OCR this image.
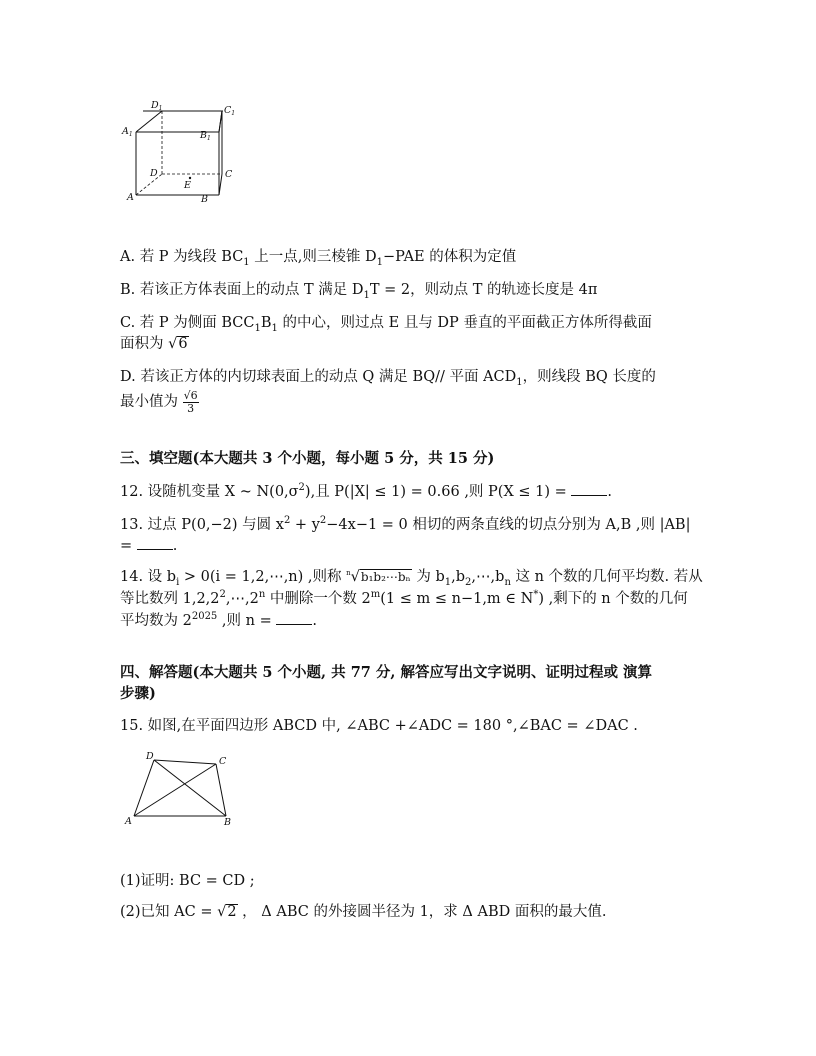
$D_1$	$C_1$
$A_1$	$B_1$
D	C
A	B
E
A. 若 P 为线段 $BC_1$ 上一点,则三棱锥 $D_1-PAE$ 的体积为定值
B. 若该正方体表面上的动点 T 满足 $D_1T = 2$，则动点 T 的轨迹长度是 4π
C. 若 P 为侧面 $BCC_1B_1$ 的中心，则过点 E 且与 DP 垂直的平面截正方体所得截面
面积为 √6
D. 若该正方体的内切球表面上的动点 Q 满足 BQ// 平面 $ACD_1$，则线段 BQ 长度的
最小值为 $\frac{√6}{3}$
三、填空题(本大题共 3 个小题，每小题 5 分，共 15 分)
12. 设随机变量 X ~ $N(0,\sigma^2)$,且 P(|X| ≤ 1) = 0.66 ,则 P(X ≤ 1) = .
13. 过点 P(0,−2) 与圆 $x^2 + y^2-4x-1 = 0$ 相切的两条直线的切点分别为 A,B ,则 |AB|
= .
14. 设 $b_i > 0(i$ = 1,2,⋯,n) ,则称 $^n$√b₁b₂⋯bₙ 为 $b_1,b_2,\cdots,b_n$ 这 n 个数的几何平均数. 若从
等比数列 1,2,2$^2$,⋯,2$^n$ 中删除一个数 $2^m(1 \le m \le n-1,m$ ∈ N*) ,剩下的 n 个数的几何
平均数为 $2^{2025}$ ,则 n = .
四、解答题(本大题共 5 个小题, 共 77 分, 解答应写出文字说明、证明过程或 演算
步骤)
15. 如图,在平面四边形 ABCD 中, ∠ABC +∠ADC = 180 °,∠BAC = ∠DAC .
D	C
A	B
(1)证明: BC = CD ;
(2)已知 AC = √2 ， Δ ABC 的外接圆半径为 1，求 Δ ABD 面积的最大值.
